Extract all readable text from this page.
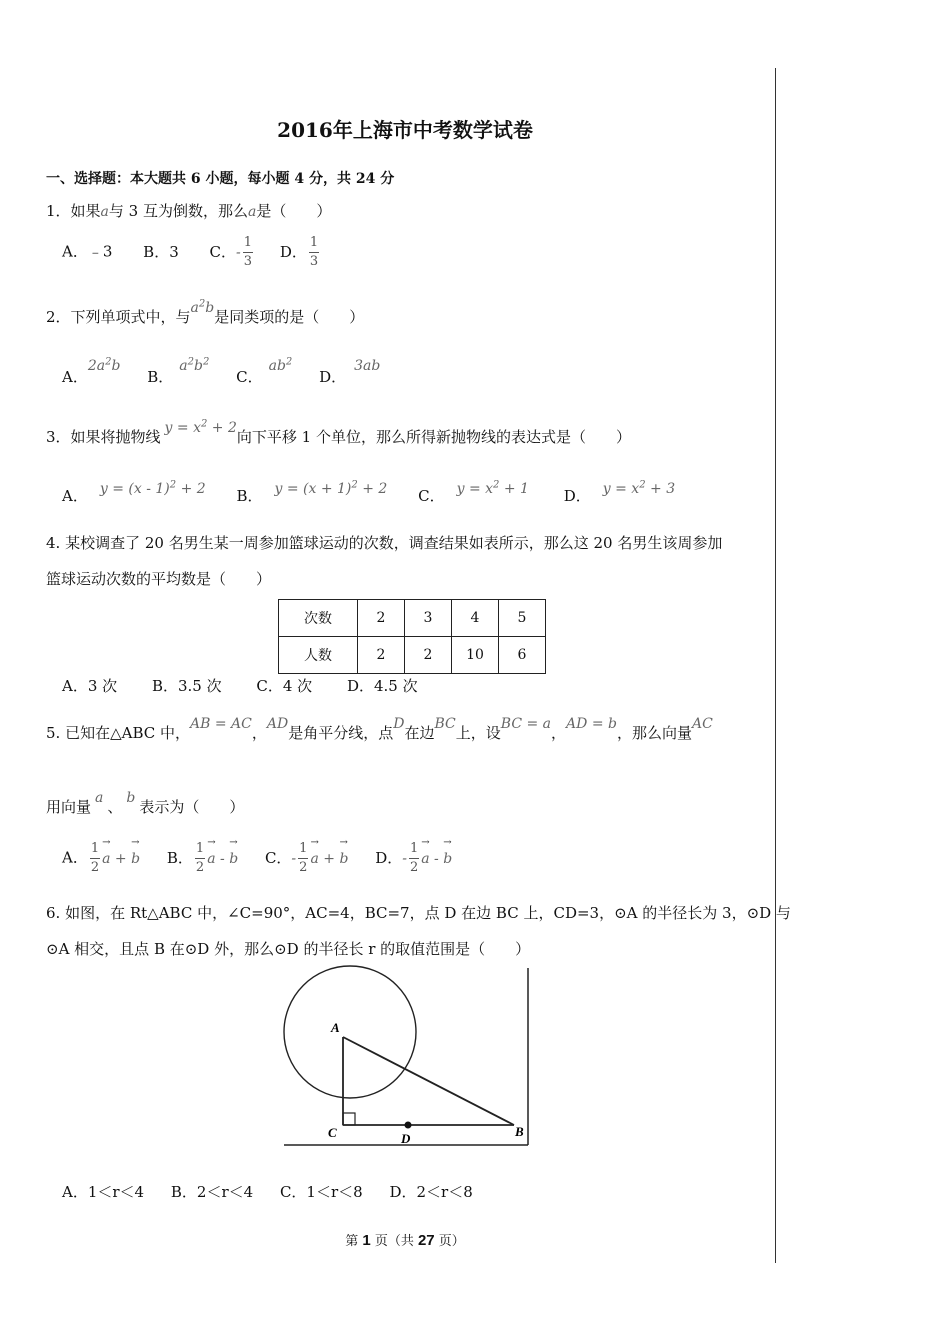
2016年上海市中考数学试卷
一、选择题：本大题共 6 小题，每小题 4 分，共 24 分
1．如果a与 3 互为倒数，那么a是（　　）
A．﹣3 B．3 C．- $\frac{1}{3}$ D． $\frac{1}{3}$
2．下列单项式中，与$a^2b$是同类项的是（　　）
A．$2a^2b$ B．$a^2b^2$ C．$ab^2$ D．3ab
3．如果将抛物线 $y = x^2 + 2$向下平移 1 个单位，那么所得新抛物线的表达式是（　　）
A． y = (x - 1)$^2$ + 2 B． $y = (x + 1)^2 + 2$ C． $y = x^2 + 1$ D． $y = x^2 + 3$
4. 某校调查了 20 名男生某一周参加篮球运动的次数，调查结果如表所示，那么这 20 名男生该周参加
篮球运动次数的平均数是（　　）
次数	2	3	4	5
人数	2	2	10	6
A．3 次 B．3.5 次 C．4 次 D．4.5 次
5. 已知在△ABC 中，AB = AC，AD是角平分线，点D在边BC上，设BC = a，AD = b，那么向量AC
用向量 a 、 b 表示为（　　）
A． $\frac{1}{2} \to a$ + → b B． $\frac{1}{2} \to a$ - → b C．- $\frac{1}{2} \to a$ + → b D．- $\frac{1}{2} \to a$ - → b
6. 如图，在 Rt△ABC 中，∠C=90°，AC=4，BC=7，点 D 在边 BC 上，CD=3，⊙A 的半径长为 3，⊙D 与
⊙A 相交，且点 B 在⊙D 外，那么⊙D 的半径长 r 的取值范围是（　　）
A
C	D	B
A．1＜r＜4 B．2＜r＜4 C．1＜r＜8 D．2＜r＜8
第 1 页（共 27 页）
